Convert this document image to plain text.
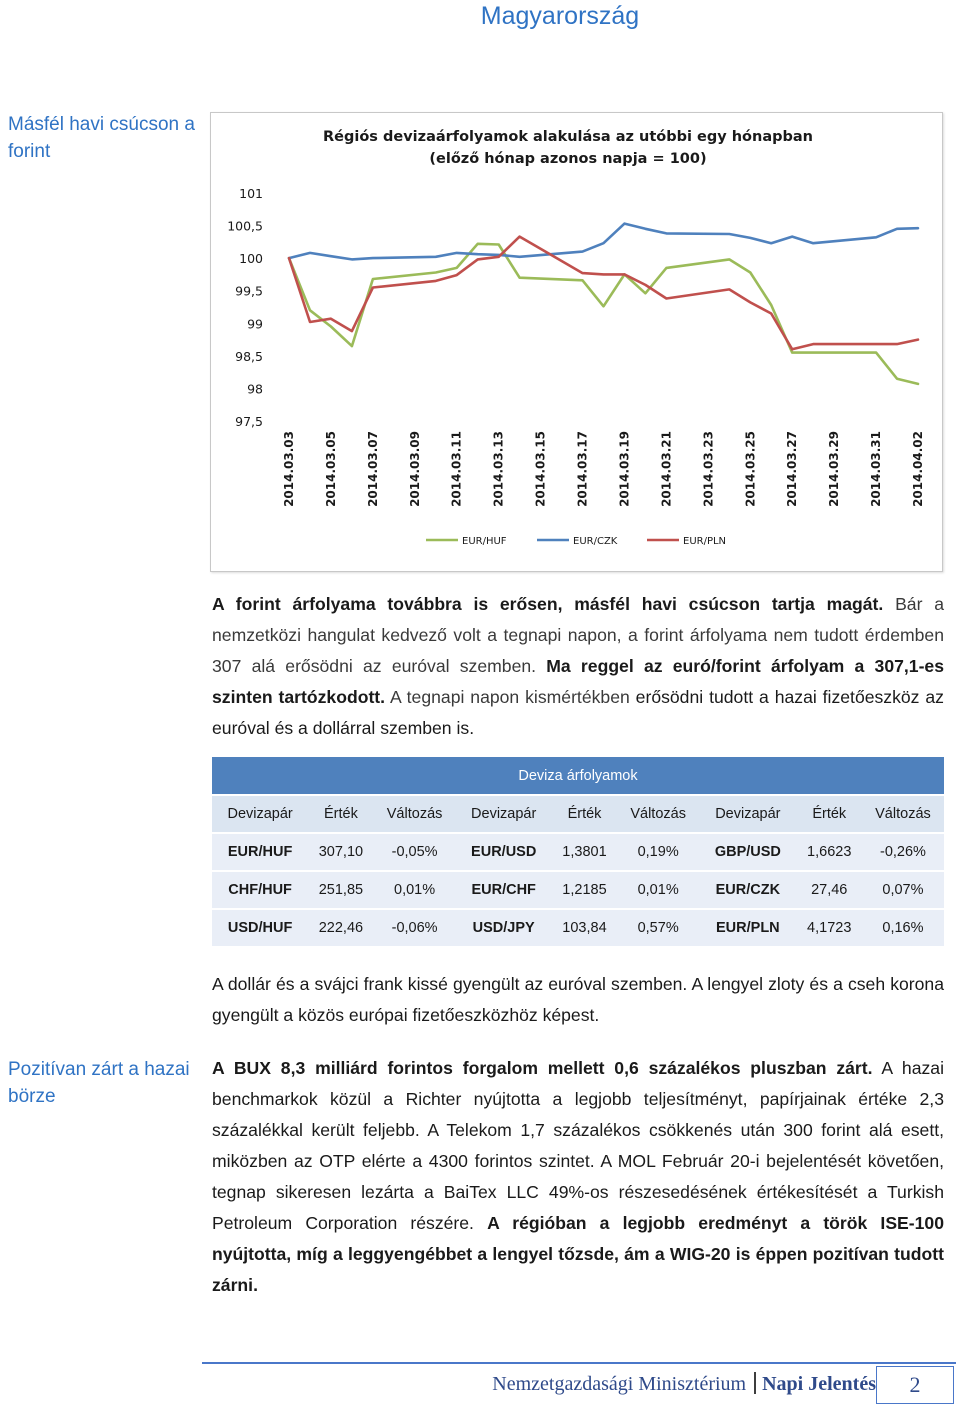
Magyarország
Másfél havi csúcson a forint
Régiós devizaárfolyamok alakulása az utóbbi egy hónapban
(előző hónap azonos napja = 100)
101
100,5
100
99,5
99
98,5
98
97,5
2014.03.03 2014.03.05 2014.03.07 2014.03.09 2014.03.11 2014.03.13 2014.03.15 2014.03.17 2014.03.19 2014.03.21 2014.03.23 2014.03.25 2014.03.27 2014.03.29 2014.03.31 2014.04.02
EUR/HUF	EUR/CZK	EUR/PLN
A forint árfolyama továbbra is erősen, másfél havi csúcson tartja magát. Bár a nemzetközi hangulat kedvező volt a tegnapi napon, a forint árfolyama nem tudott érdemben 307 alá erősödni az euróval szemben. Ma reggel az euró/forint árfolyam a 307,1-es szinten tartózkodott. A tegnapi napon kismértékben erősödni tudott a hazai fizetőeszköz az euróval és a dollárral szemben is.
Deviza árfolyamok								
Devizapár	Érték	Változás	Devizapár	Érték	Változás	Devizapár	Érték	Változás
EUR/HUF	307,10	-0,05%	EUR/USD	1,3801	0,19%	GBP/USD	1,6623	-0,26%
CHF/HUF	251,85	0,01%	EUR/CHF	1,2185	0,01%	EUR/CZK	27,46	0,07%
USD/HUF	222,46	-0,06%	USD/JPY	103,84	0,57%	EUR/PLN	4,1723	0,16%
A dollár és a svájci frank kissé gyengült az euróval szemben. A lengyel zloty és a cseh korona gyengült a közös európai fizetőeszközhöz képest.
Pozitívan zárt a hazai börze
A BUX 8,3 milliárd forintos forgalom mellett 0,6 százalékos pluszban zárt. A hazai benchmarkok közül a Richter nyújtotta a legjobb teljesítményt, papírjainak értéke 2,3 százalékkal került feljebb. A Telekom 1,7 százalékos csökkenés után 300 forint alá esett, miközben az OTP elérte a 4300 forintos szintet. A MOL Február 20-i bejelentését követően, tegnap sikeresen lezárta a BaiTex LLC 49%-os részesedésének értékesítését a Turkish Petroleum Corporation részére. A régióban a legjobb eredményt a török ISE-100 nyújtotta, míg a leggyengébbet a lengyel tőzsde, ám a WIG-20 is éppen pozitívan tudott zárni.
Nemzetgazdasági Minisztérium Napi Jelentés	2
